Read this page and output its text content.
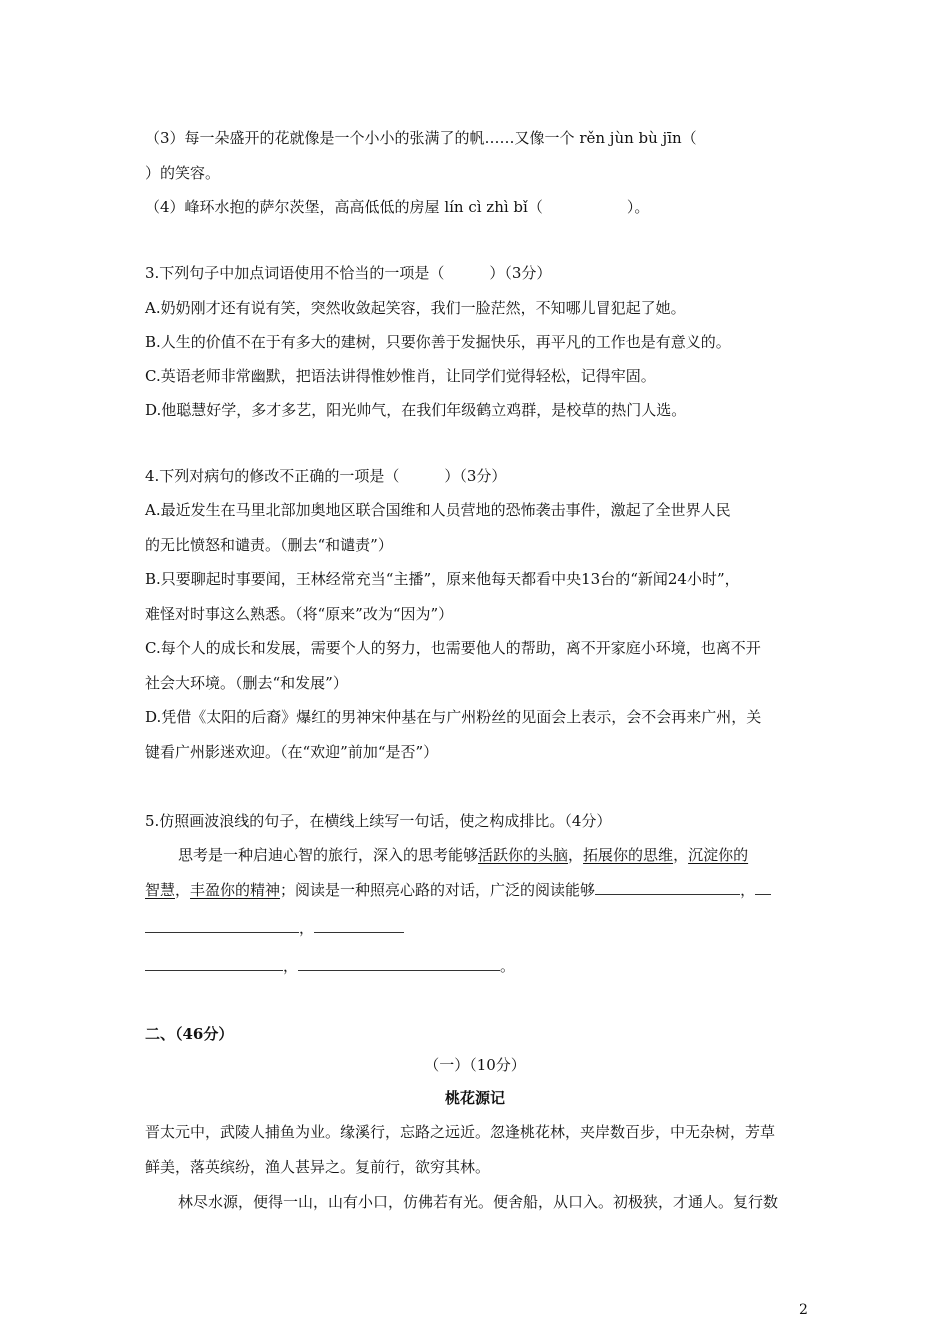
（3）每一朵盛开的花就像是一个小小的张满了的帆……又像一个 rěn jùn bù jīn（
）的笑容。
（4）峰环水抱的萨尔茨堡，高高低低的房屋 lín cì zhì bǐ（	）。
3.下列句子中加点词语使用不恰当的一项是（　　　）（3分）
A.奶奶刚才还有说有笑，突然收敛起笑容，我们一脸茫然，不知哪儿冒犯起了她。
B.人生的价值不在于有多大的建树，只要你善于发掘快乐，再平凡的工作也是有意义的。
C.英语老师非常幽默，把语法讲得惟妙惟肖，让同学们觉得轻松，记得牢固。
D.他聪慧好学，多才多艺，阳光帅气，在我们年级鹤立鸡群，是校草的热门人选。
4.下列对病句的修改不正确的一项是（　　　）（3分）
A.最近发生在马里北部加奥地区联合国维和人员营地的恐怖袭击事件，激起了全世界人民
的无比愤怒和谴责。（删去“和谴责”）
B.只要聊起时事要闻，王林经常充当“主播”，原来他每天都看中央13台的“新闻24小时”，
难怪对时事这么熟悉。（将“原来”改为“因为”）
C.每个人的成长和发展，需要个人的努力，也需要他人的帮助，离不开家庭小环境，也离不开
社会大环境。（删去“和发展”）
D.凭借《太阳的后裔》爆红的男神宋仲基在与广州粉丝的见面会上表示，会不会再来广州，关
键看广州影迷欢迎。（在“欢迎”前加“是否”）
5.仿照画波浪线的句子，在横线上续写一句话，使之构成排比。（4分）
思考是一种启迪心智的旅行，深入的思考能够活跃你的头脑，拓展你的思维，沉淀你的
智慧，丰盈你的精神；阅读是一种照亮心路的对话，广泛的阅读能够	，
，
，	。
二、（46分）
（一）（10分）
桃花源记
晋太元中，武陵人捕鱼为业。缘溪行，忘路之远近。忽逢桃花林，夹岸数百步，中无杂树，芳草
鲜美，落英缤纷，渔人甚异之。复前行，欲穷其林。
林尽水源，便得一山，山有小口，仿佛若有光。便舍船，从口入。初极狭，才通人。复行数
2
